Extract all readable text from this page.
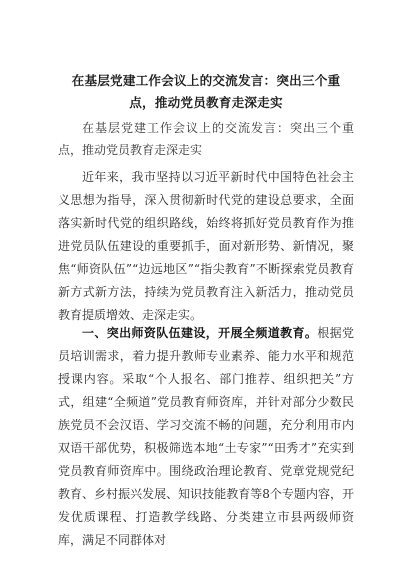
在基层党建工作会议上的交流发言：突出三个重点，推动党员教育走深走实
在基层党建工作会议上的交流发言：突出三个重点，推动党员教育走深走实
近年来，我市坚持以习近平新时代中国特色社会主义思想为指导，深入贯彻新时代党的建设总要求，全面落实新时代党的组织路线，始终将抓好党员教育作为推进党员队伍建设的重要抓手，面对新形势、新情况，聚焦“师资队伍”“边远地区”“指尖教育”不断探索党员教育新方式新方法，持续为党员教育注入新活力，推动党员教育提质增效、走深走实。
一、突出师资队伍建设，开展全频道教育。根据党员培训需求，着力提升教师专业素养、能力水平和规范授课内容。采取“个人报名、部门推荐、组织把关”方式，组建“全频道”党员教育师资库，并针对部分少数民族党员不会汉语、学习交流不畅的问题，充分利用市内双语干部优势，积极筛选本地“土专家”“田秀才”充实到党员教育师资库中。围绕政治理论教育、党章党规党纪教育、乡村振兴发展、知识技能教育等8个专题内容，开发优质课程、打造教学线路、分类建立市县两级师资库，满足不同群体对
